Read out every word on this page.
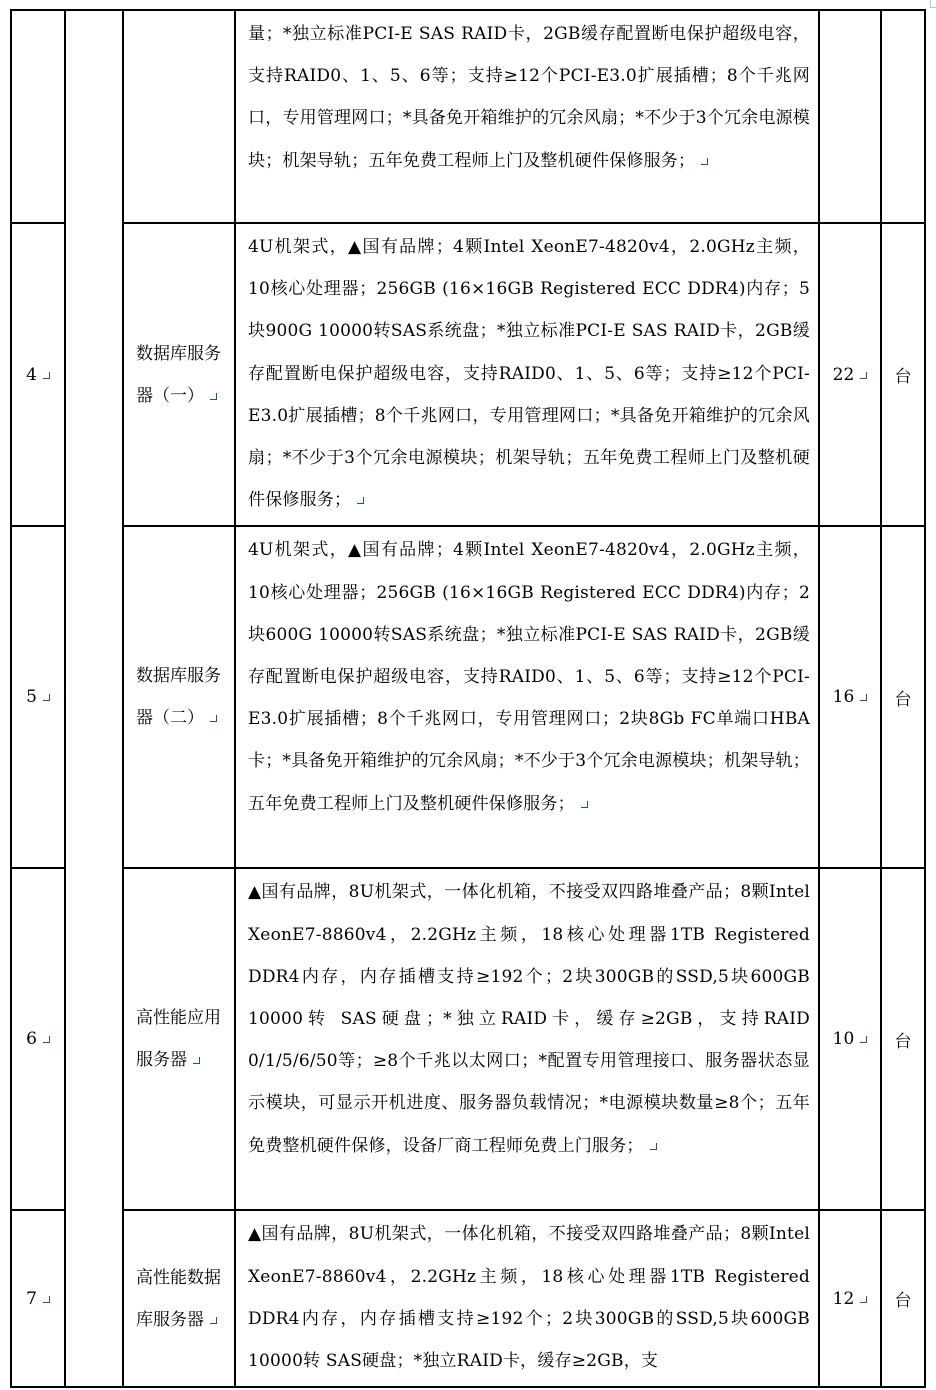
			量；*独立标准PCI-E SAS RAID卡，2GB缓存配置断电保护超级电容，支持RAID0、1、5、6等；支持≥12个PCI-E3.0扩展插槽；8个千兆网口，专用管理网口；*具备免开箱维护的冗余风扇；*不少于3个冗余电源模块；机架导轨；五年免费工程师上门及整机硬件保修服务；		
4		数据库服务器（一）	4U机架式，▲国有品牌；4颗Intel XeonE7-4820v4，2.0GHz主频，10核心处理器；256GB (16×16GB Registered ECC DDR4)内存；5块900G 10000转SAS系统盘；*独立标准PCI-E SAS RAID卡，2GB缓存配置断电保护超级电容，支持RAID0、1、5、6等；支持≥12个PCI-E3.0扩展插槽；8个千兆网口，专用管理网口；*具备免开箱维护的冗余风扇；*不少于3个冗余电源模块；机架导轨；五年免费工程师上门及整机硬件保修服务；	22	台
5		数据库服务器（二）	4U机架式，▲国有品牌；4颗Intel XeonE7-4820v4，2.0GHz主频，10核心处理器；256GB (16×16GB Registered ECC DDR4)内存；2块600G 10000转SAS系统盘；*独立标准PCI-E SAS RAID卡，2GB缓存配置断电保护超级电容，支持RAID0、1、5、6等；支持≥12个PCI-E3.0扩展插槽；8个千兆网口，专用管理网口；2块8Gb FC单端口HBA卡；*具备免开箱维护的冗余风扇；*不少于3个冗余电源模块；机架导轨；五年免费工程师上门及整机硬件保修服务；	16	台
6		高性能应用服务器	▲国有品牌，8U机架式，一体化机箱，不接受双四路堆叠产品；8颗Intel XeonE7-8860v4，2.2GHz主频，18核心处理器1TB Registered DDR4内存，内存插槽支持≥192个；2块300GB的SSD,5块600GB 10000转 SAS硬盘；*独立RAID卡，缓存≥2GB，支持RAID 0/1/5/6/50等；≥8个千兆以太网口；*配置专用管理接口、服务器状态显示模块，可显示开机进度、服务器负载情况；*电源模块数量≥8个；五年免费整机硬件保修，设备厂商工程师免费上门服务；	10	台
7		高性能数据库服务器	▲国有品牌，8U机架式，一体化机箱，不接受双四路堆叠产品；8颗Intel XeonE7-8860v4，2.2GHz主频，18核心处理器1TB Registered DDR4内存，内存插槽支持≥192个；2块300GB的SSD,5块600GB 10000转 SAS硬盘；*独立RAID卡，缓存≥2GB，支	12	台
